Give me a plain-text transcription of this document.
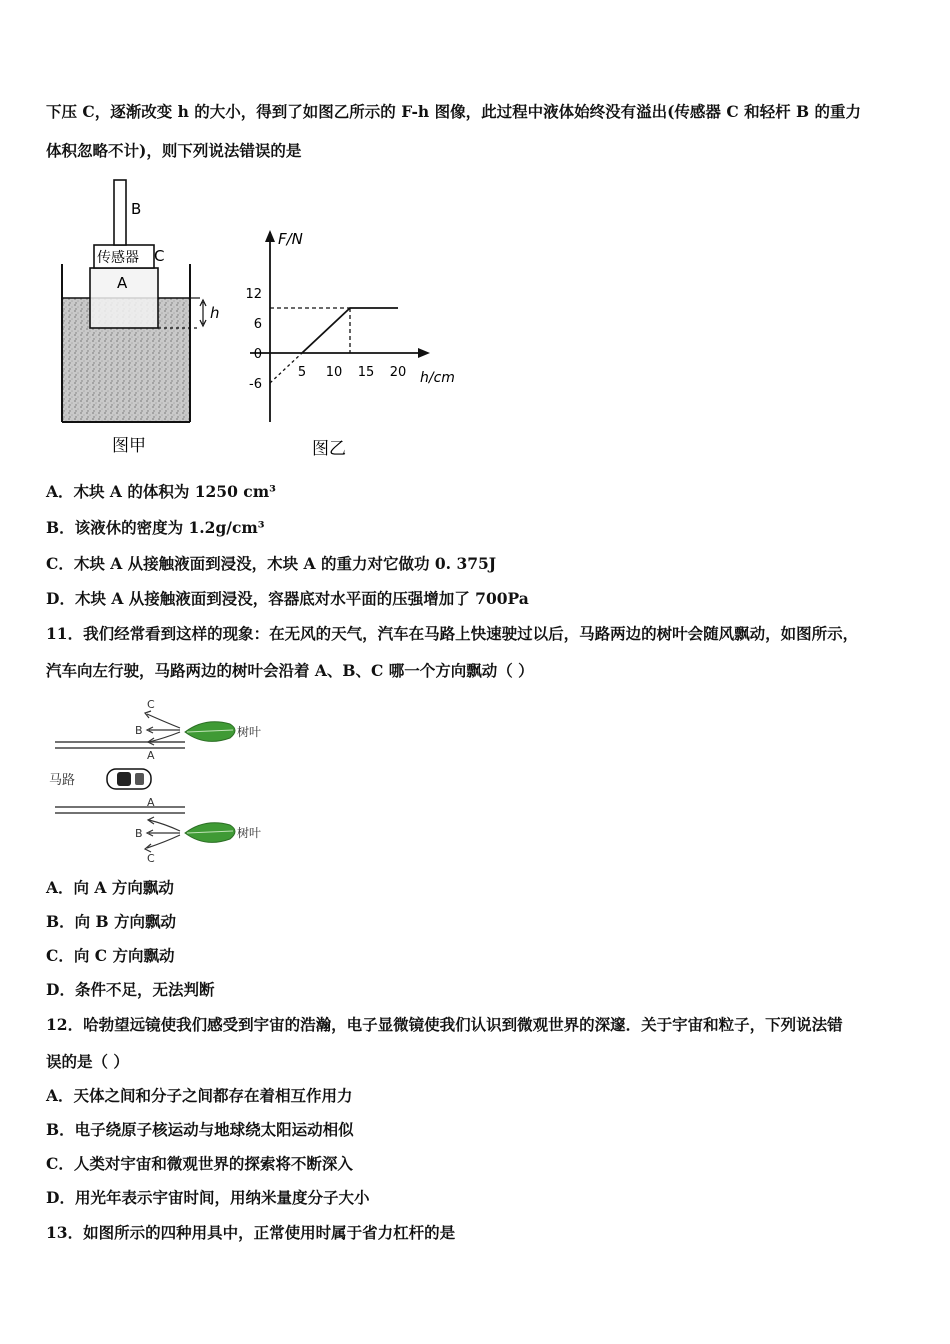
下压 C，逐渐改变 h 的大小，得到了如图乙所示的 F-h 图像，此过程中液体始终没有溢出(传感器 C 和轻杆 B 的重力
体积忽略不计)，则下列说法错误的是
B
传感器 C
A
h
图甲
F/N
h/cm
12
6
0
-6
5 10 15 20
图乙
A．木块 A 的体积为 1250 cm³
B．该液休的密度为 1.2g/cm³
C．木块 A 从接触液面到浸没，木块 A 的重力对它做功 0. 375J
D．木块 A 从接触液面到浸没，容器底对水平面的压强增加了 700Pa
11．我们经常看到这样的现象：在无风的天气，汽车在马路上快速驶过以后，马路两边的树叶会随风飘动，如图所示，
汽车向左行驶，马路两边的树叶会沿着 A、B、C 哪一个方向飘动（ ）
马路
C
B
A
树叶
A
B
C
树叶
A．向 A 方向飘动
B．向 B 方向飘动
C．向 C 方向飘动
D．条件不足，无法判断
12．哈勃望远镜使我们感受到宇宙的浩瀚，电子显微镜使我们认识到微观世界的深邃．关于宇宙和粒子，下列说法错
误的是（ ）
A．天体之间和分子之间都存在着相互作用力
B．电子绕原子核运动与地球绕太阳运动相似
C．人类对宇宙和微观世界的探索将不断深入
D．用光年表示宇宙时间，用纳米量度分子大小
13．如图所示的四种用具中，正常使用时属于省力杠杆的是
